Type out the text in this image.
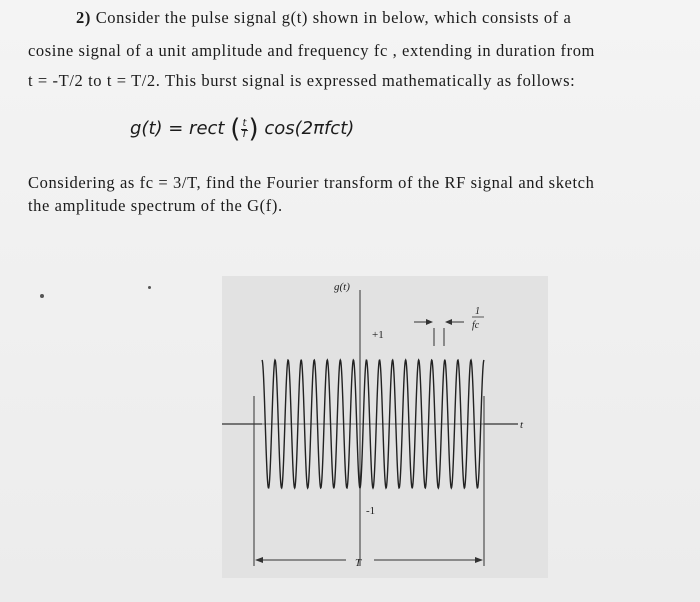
2) Consider the pulse signal g(t) shown in below, which consists of a
cosine signal of a unit amplitude and frequency fc , extending in duration from
t = -T/2 to t = T/2. This burst signal is expressed mathematically as follows:
g(t) = rect ( $\frac{t}{T}$ ) cos(2πfct)
Considering as fc = 3/T, find the Fourier transform of the RF signal and sketch
the amplitude spectrum of the G(f).
g(t)
+1
-1
t
T
1
fc
